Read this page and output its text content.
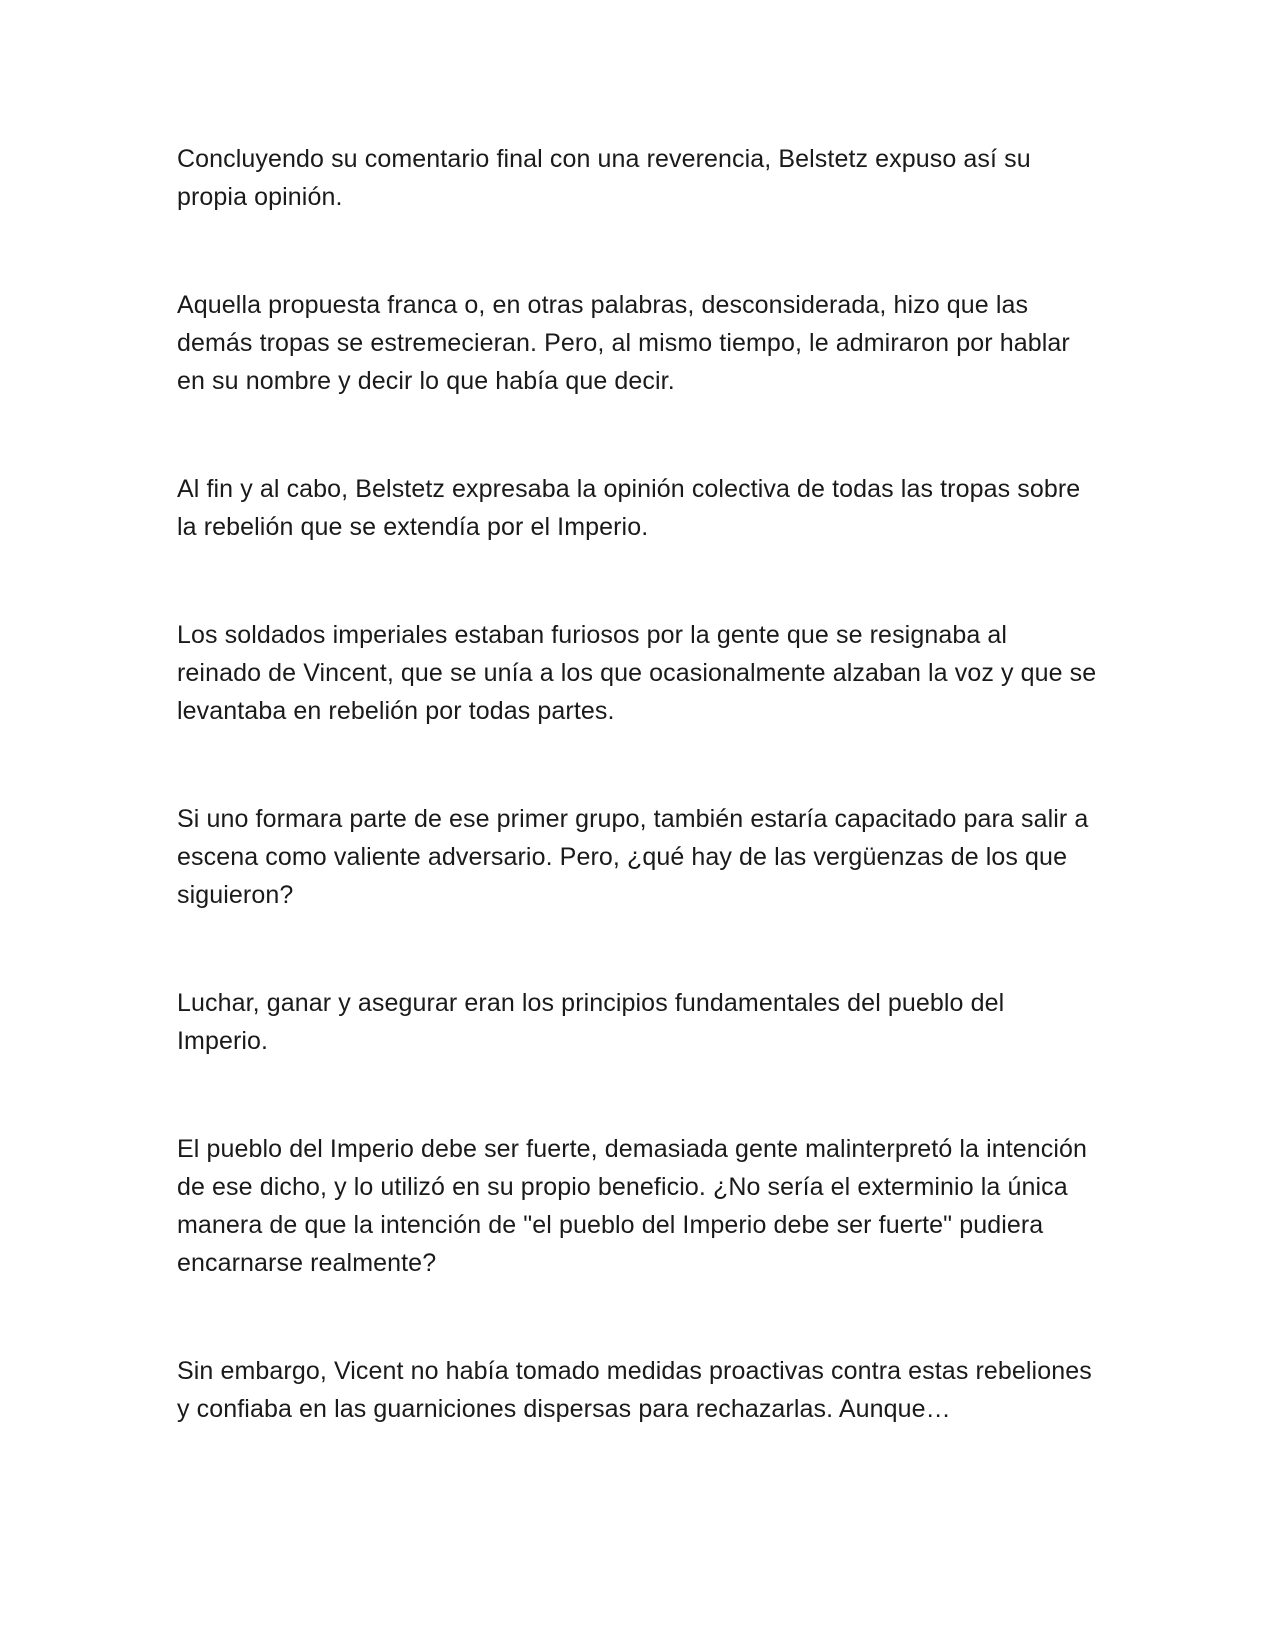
Concluyendo su comentario final con una reverencia, Belstetz expuso así su propia opinión.

Aquella propuesta franca o, en otras palabras, desconsiderada, hizo que las demás tropas se estremecieran. Pero, al mismo tiempo, le admiraron por hablar en su nombre y decir lo que había que decir.

Al fin y al cabo, Belstetz expresaba la opinión colectiva de todas las tropas sobre la rebelión que se extendía por el Imperio.

Los soldados imperiales estaban furiosos por la gente que se resignaba al reinado de Vincent, que se unía a los que ocasionalmente alzaban la voz y que se levantaba en rebelión por todas partes.

Si uno formara parte de ese primer grupo, también estaría capacitado para salir a escena como valiente adversario. Pero, ¿qué hay de las vergüenzas de los que siguieron?

Luchar, ganar y asegurar eran los principios fundamentales del pueblo del Imperio.

El pueblo del Imperio debe ser fuerte, demasiada gente malinterpretó la intención de ese dicho, y lo utilizó en su propio beneficio. ¿No sería el exterminio la única manera de que la intención de "el pueblo del Imperio debe ser fuerte" pudiera encarnarse realmente?

Sin embargo, Vicent no había tomado medidas proactivas contra estas rebeliones y confiaba en las guarniciones dispersas para rechazarlas. Aunque…
